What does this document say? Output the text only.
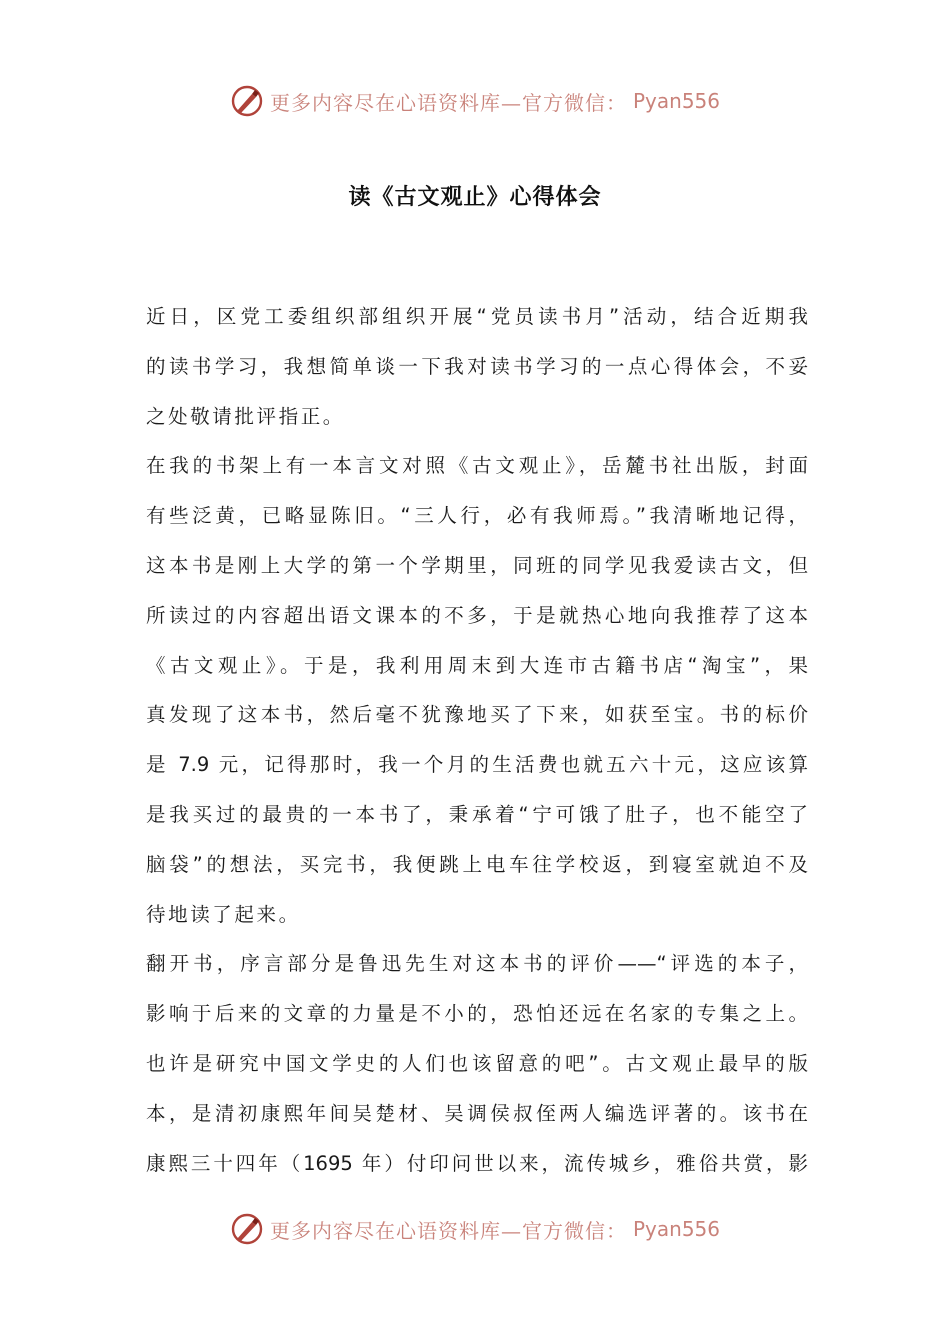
更多内容尽在心语资料库—官方微信： Pyan556
读《古文观止》心得体会
近日，区党工委组织部组织开展“党员读书月”活动，结合近期我
的读书学习，我想简单谈一下我对读书学习的一点心得体会，不妥
之处敬请批评指正。
在我的书架上有一本言文对照《古文观止》，岳麓书社出版，封面
有些泛黄，已略显陈旧。“三人行，必有我师焉。”我清晰地记得，
这本书是刚上大学的第一个学期里，同班的同学见我爱读古文，但
所读过的内容超出语文课本的不多，于是就热心地向我推荐了这本
《古文观止》。于是，我利用周末到大连市古籍书店“淘宝”，果
真发现了这本书，然后毫不犹豫地买了下来，如获至宝。书的标价
是 7.9 元，记得那时，我一个月的生活费也就五六十元，这应该算
是我买过的最贵的一本书了，秉承着“宁可饿了肚子，也不能空了
脑袋”的想法，买完书，我便跳上电车往学校返，到寝室就迫不及
待地读了起来。
翻开书，序言部分是鲁迅先生对这本书的评价——“评选的本子，
影响于后来的文章的力量是不小的，恐怕还远在名家的专集之上。
也许是研究中国文学史的人们也该留意的吧”。古文观止最早的版
本，是清初康熙年间吴楚材、吴调侯叔侄两人编选评著的。该书在
康熙三十四年（1695 年）付印问世以来，流传城乡，雅俗共赏，影
更多内容尽在心语资料库—官方微信： Pyan556
